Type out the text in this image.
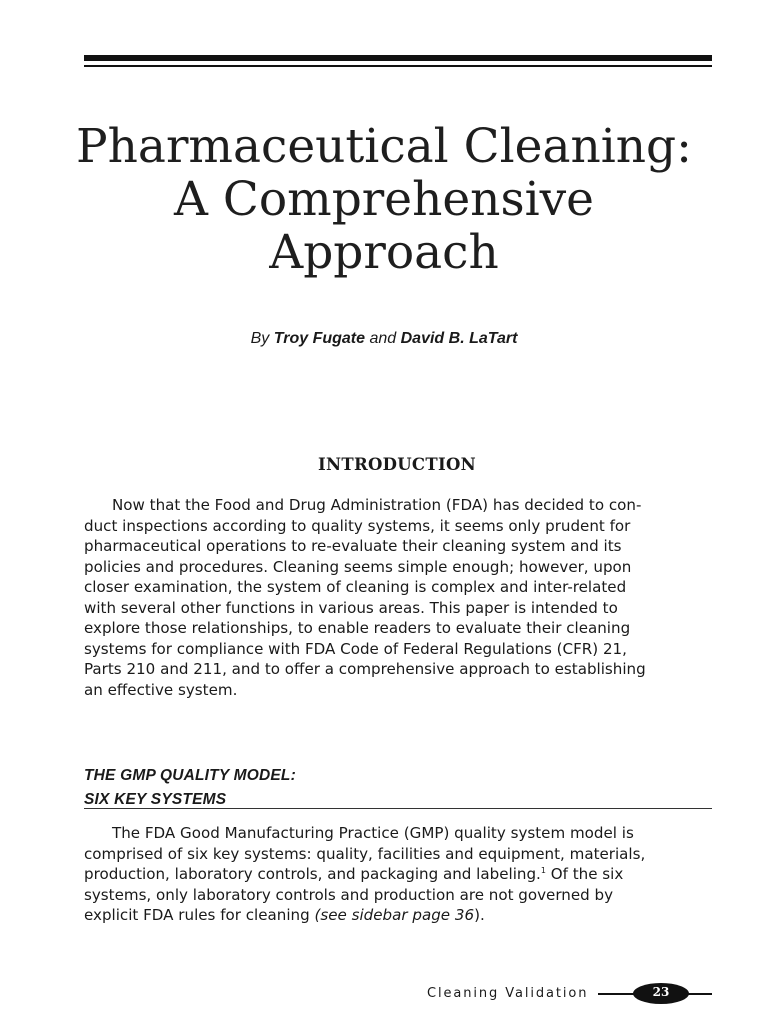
Pharmaceutical Cleaning:
A Comprehensive
Approach
By Troy Fugate and David B. LaTart
INTRODUCTION
Now that the Food and Drug Administration (FDA) has decided to con-
duct inspections according to quality systems, it seems only prudent for
pharmaceutical operations to re-evaluate their cleaning system and its
policies and procedures. Cleaning seems simple enough; however, upon
closer examination, the system of cleaning is complex and inter-related
with several other functions in various areas. This paper is intended to
explore those relationships, to enable readers to evaluate their cleaning
systems for compliance with FDA Code of Federal Regulations (CFR) 21,
Parts 210 and 211, and to offer a comprehensive approach to establishing
an effective system.
THE GMP QUALITY MODEL:
SIX KEY SYSTEMS
The FDA Good Manufacturing Practice (GMP) quality system model is
comprised of six key systems: quality, facilities and equipment, materials,
production, laboratory controls, and packaging and labeling.$^1$ Of the six
systems, only laboratory controls and production are not governed by
explicit FDA rules for cleaning (see sidebar page 36).
Cleaning Validation	23
